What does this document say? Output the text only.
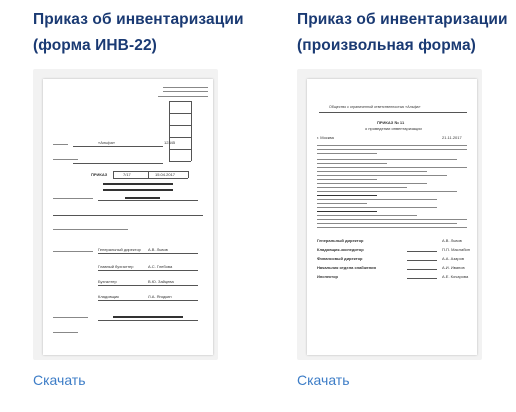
Приказ об инвентаризации
(форма ИНВ-22)
«Альфа»	12345
ПРИКАЗ	7/17	15.04.2017
Генеральный директор А.В. Львов
Главный бухгалтер	А.С. Глебова
Бухгалтер	В.Ю. Зайцева
Кладовщик	Л.А. Ягодкин
Скачать
Приказ об инвентаризации
(произвольная форма)
Общество с ограниченной ответственностью «Альфа»
ПРИКАЗ № 11
о проведении инвентаризации
г. Москва	21.11.2017
Генеральный директор	А.В. Львов
Кладовщик-экспедитор	П.П. Маслабин
Финансовый директор	А.А. Азаров
Начальник отдела снабжения	А.И. Иванов
Инспектор	А.Е. Кочарова
Скачать
